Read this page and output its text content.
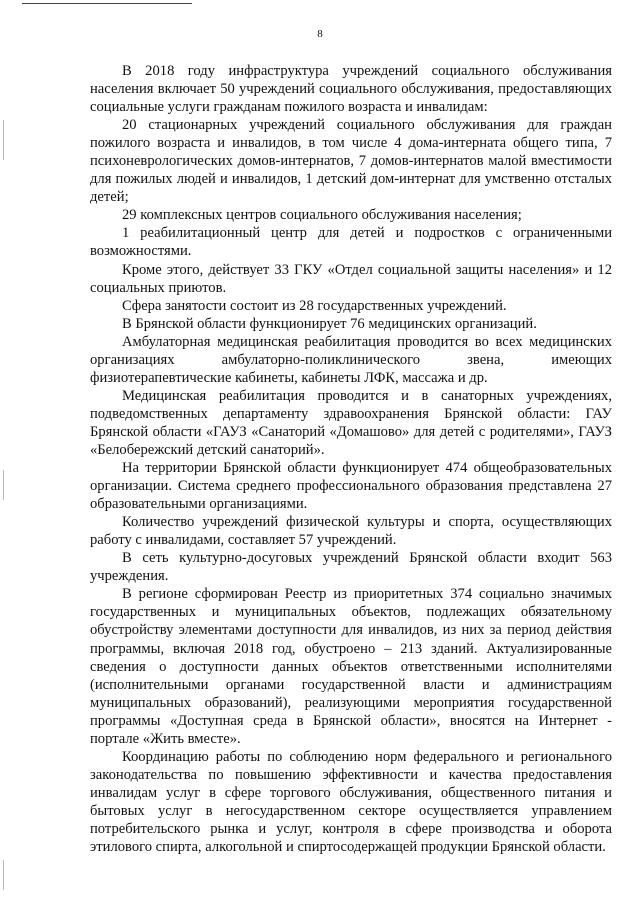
8

В 2018 году инфраструктура учреждений социального обслуживания населения включает 50 учреждений социального обслуживания, предоставляющих социальные услуги гражданам пожилого возраста и инвалидам:

20 стационарных учреждений социального обслуживания для граждан пожилого возраста и инвалидов, в том числе 4 дома-интерната общего типа, 7 психоневрологических домов-интернатов, 7 домов-интернатов малой вместимости для пожилых людей и инвалидов, 1 детский дом-интернат для умственно отсталых детей;

29 комплексных центров социального обслуживания населения;

1 реабилитационный центр для детей и подростков с ограниченными возможностями.

Кроме этого, действует 33 ГКУ «Отдел социальной защиты населения» и 12 социальных приютов.

Сфера занятости состоит из 28 государственных учреждений.

В Брянской области функционирует 76 медицинских организаций.

Амбулаторная медицинская реабилитация проводится во всех медицинских организациях амбулаторно-поликлинического звена, имеющих физиотерапевтические кабинеты, кабинеты ЛФК, массажа и др.

Медицинская реабилитация проводится и в санаторных учреждениях, подведомственных департаменту здравоохранения Брянской области: ГАУ Брянской области «ГАУЗ «Санаторий «Домашово» для детей с родителями», ГАУЗ «Белобережский детский санаторий».

На территории Брянской области функционирует 474 общеобразовательных организации. Система среднего профессионального образования представлена 27 образовательными организациями.

Количество учреждений физической культуры и спорта, осуществляющих работу с инвалидами, составляет 57 учреждений.

В сеть культурно-досуговых учреждений Брянской области входит 563 учреждения.

В регионе сформирован Реестр из приоритетных 374 социально значимых государственных и муниципальных объектов, подлежащих обязательному обустройству элементами доступности для инвалидов, из них за период действия программы, включая 2018 год, обустроено – 213 зданий. Актуализированные сведения о доступности данных объектов ответственными исполнителями (исполнительными органами государственной власти и администрациям муниципальных образований), реализующими мероприятия государственной программы «Доступная среда в Брянской области», вносятся на Интернет - портале «Жить вместе».

Координацию работы по соблюдению норм федерального и регионального законодательства по повышению эффективности и качества предоставления инвалидам услуг в сфере торгового обслуживания, общественного питания и бытовых услуг в негосударственном секторе осуществляется управлением потребительского рынка и услуг, контроля в сфере производства и оборота этилового спирта, алкогольной и спиртосодержащей продукции Брянской области.
